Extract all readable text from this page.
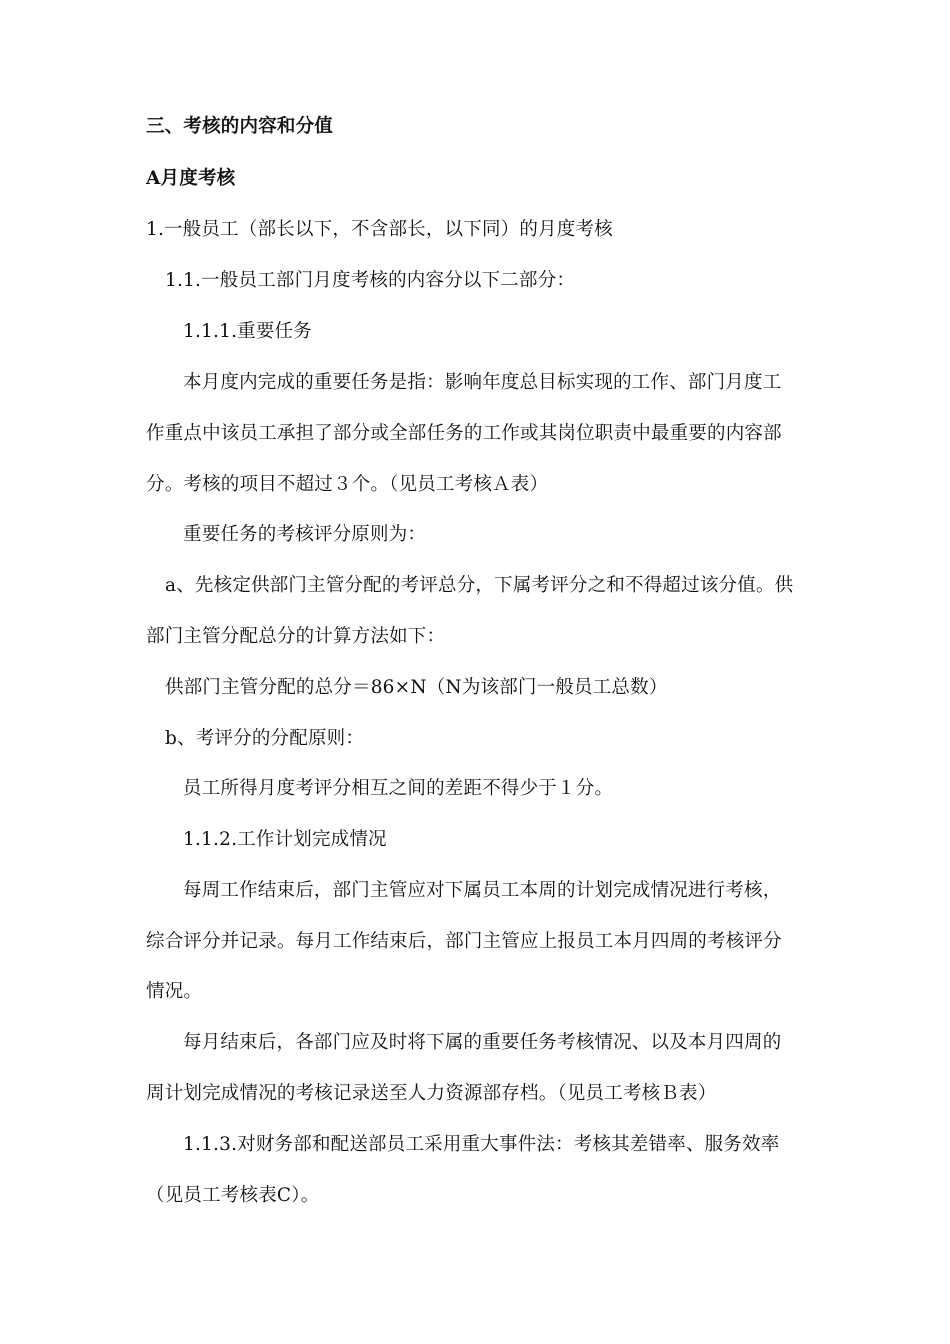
三、考核的内容和分值
A月度考核
1.一般员工（部长以下，不含部长，以下同）的月度考核
1.1.一般员工部门月度考核的内容分以下二部分：
1.1.1.重要任务
本月度内完成的重要任务是指：影响年度总目标实现的工作、部门月度工
作重点中该员工承担了部分或全部任务的工作或其岗位职责中最重要的内容部
分。考核的项目不超过３个。（见员工考核Ａ表）
重要任务的考核评分原则为：
a、先核定供部门主管分配的考评总分，下属考评分之和不得超过该分值。供
部门主管分配总分的计算方法如下：
供部门主管分配的总分＝86×N（N为该部门一般员工总数）
b、考评分的分配原则：
员工所得月度考评分相互之间的差距不得少于１分。
1.1.2.工作计划完成情况
每周工作结束后，部门主管应对下属员工本周的计划完成情况进行考核，
综合评分并记录。每月工作结束后，部门主管应上报员工本月四周的考核评分
情况。
每月结束后，各部门应及时将下属的重要任务考核情况、以及本月四周的
周计划完成情况的考核记录送至人力资源部存档。（见员工考核Ｂ表）
1.1.3.对财务部和配送部员工采用重大事件法：考核其差错率、服务效率
（见员工考核表C）。
